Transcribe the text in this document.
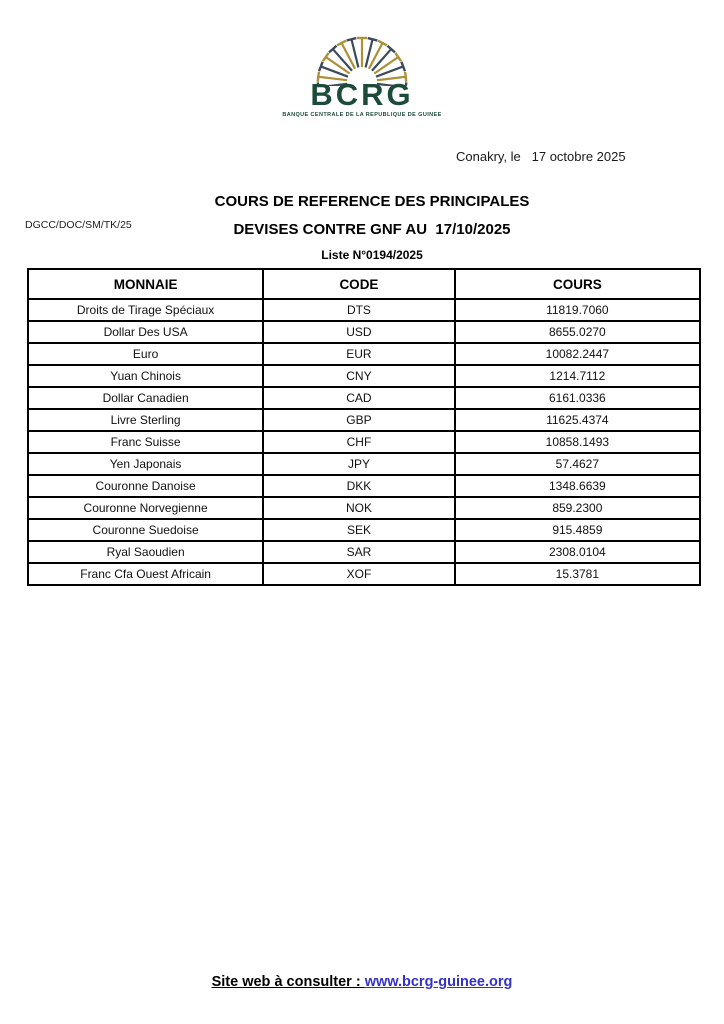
BCRG
BANQUE CENTRALE DE LA REPUBLIQUE DE GUINEE
Conakry, le   17 octobre 2025
DGCC/DOC/SM/TK/25
COURS DE REFERENCE DES PRINCIPALES
DEVISES CONTRE GNF AU  17/10/2025
Liste N°0194/2025
MONNAIE	CODE	COURS
Droits de Tirage Spéciaux	DTS	11819.7060
Dollar Des USA	USD	8655.0270
Euro	EUR	10082.2447
Yuan Chinois	CNY	1214.7112
Dollar Canadien	CAD	6161.0336
Livre Sterling	GBP	11625.4374
Franc Suisse	CHF	10858.1493
Yen Japonais	JPY	57.4627
Couronne Danoise	DKK	1348.6639
Couronne Norvegienne	NOK	859.2300
Couronne Suedoise	SEK	915.4859
Ryal Saoudien	SAR	2308.0104
Franc Cfa Ouest Africain	XOF	15.3781
Site web à consulter : www.bcrg-guinee.org
